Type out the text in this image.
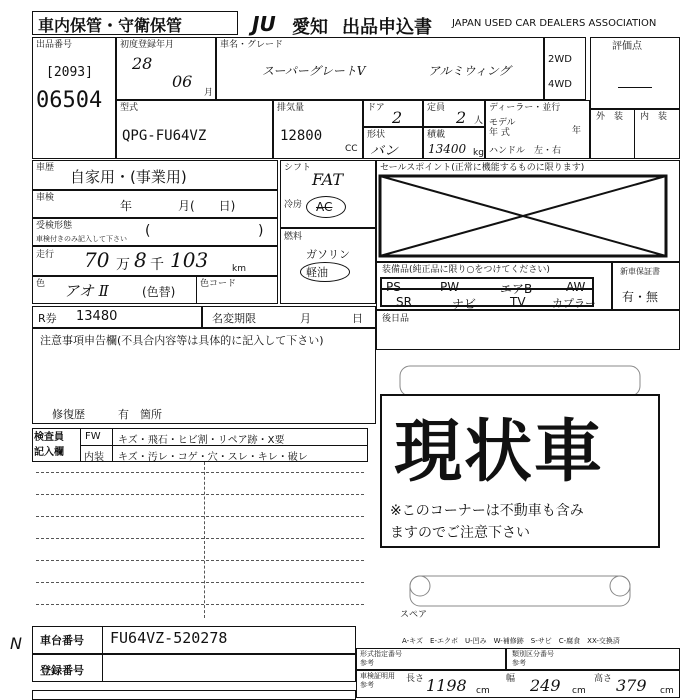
車内保管・守衛保管	JU 愛知 出品申込書 JAPAN USED CAR DEALERS ASSOCIATION
出品番号
[2093]
06504
初度登録年月
28
06
月
車名・グレード
スーパーグレートV	アルミウィング
2WD
4WD
評価点
型式
QPG-FU64VZ
排気量
12800
CC
ドア 2	定員 2 人
ディーラー・並行
モデル
年 式	年
ハンドル　左・右
形状
バン
積載
13400 kg
外　装 内　装
車歴 自家用・(事業用)
車検
年	月(　　日)
受検形態
車検付きのみ記入して下さい (	)
走行 70 万 8 千 103	km
色 アオ Ⅱ	(色替)
色コード
シフト
FAT
冷房 AC
燃料
ガソリン
軽油
セールスポイント(正常に機能するものに限ります)
装備品(純正品に限り○をつけてください)
PS	PW	エアB	AW
SR	ナビ	TV カプラー
新車保証書
有・無
R券 13480	名変期限	月	日 後日品
注意事項申告欄(不具合内容等は具体的に記入して下さい)
修復歴	有 箇所
検査員
記入欄
FW キズ・飛石・ヒビ割・リペア跡・X要
内装 キズ・汚レ・コゲ・穴・スレ・キレ・破レ 現状車
※このコーナーは不動車も含み
ますのでご注意下さい
スペア
A-キズ　E-エクボ　U-凹み　W-補修跡　S-サビ　C-腐食　XX-交換済
N 車台番号 FU64VZ-520278
登録番号
形式指定番号
参考
類別区分番号
参考
車検証明用
参考
長さ 1198 cm
幅 249 cm
高さ 379 cm
